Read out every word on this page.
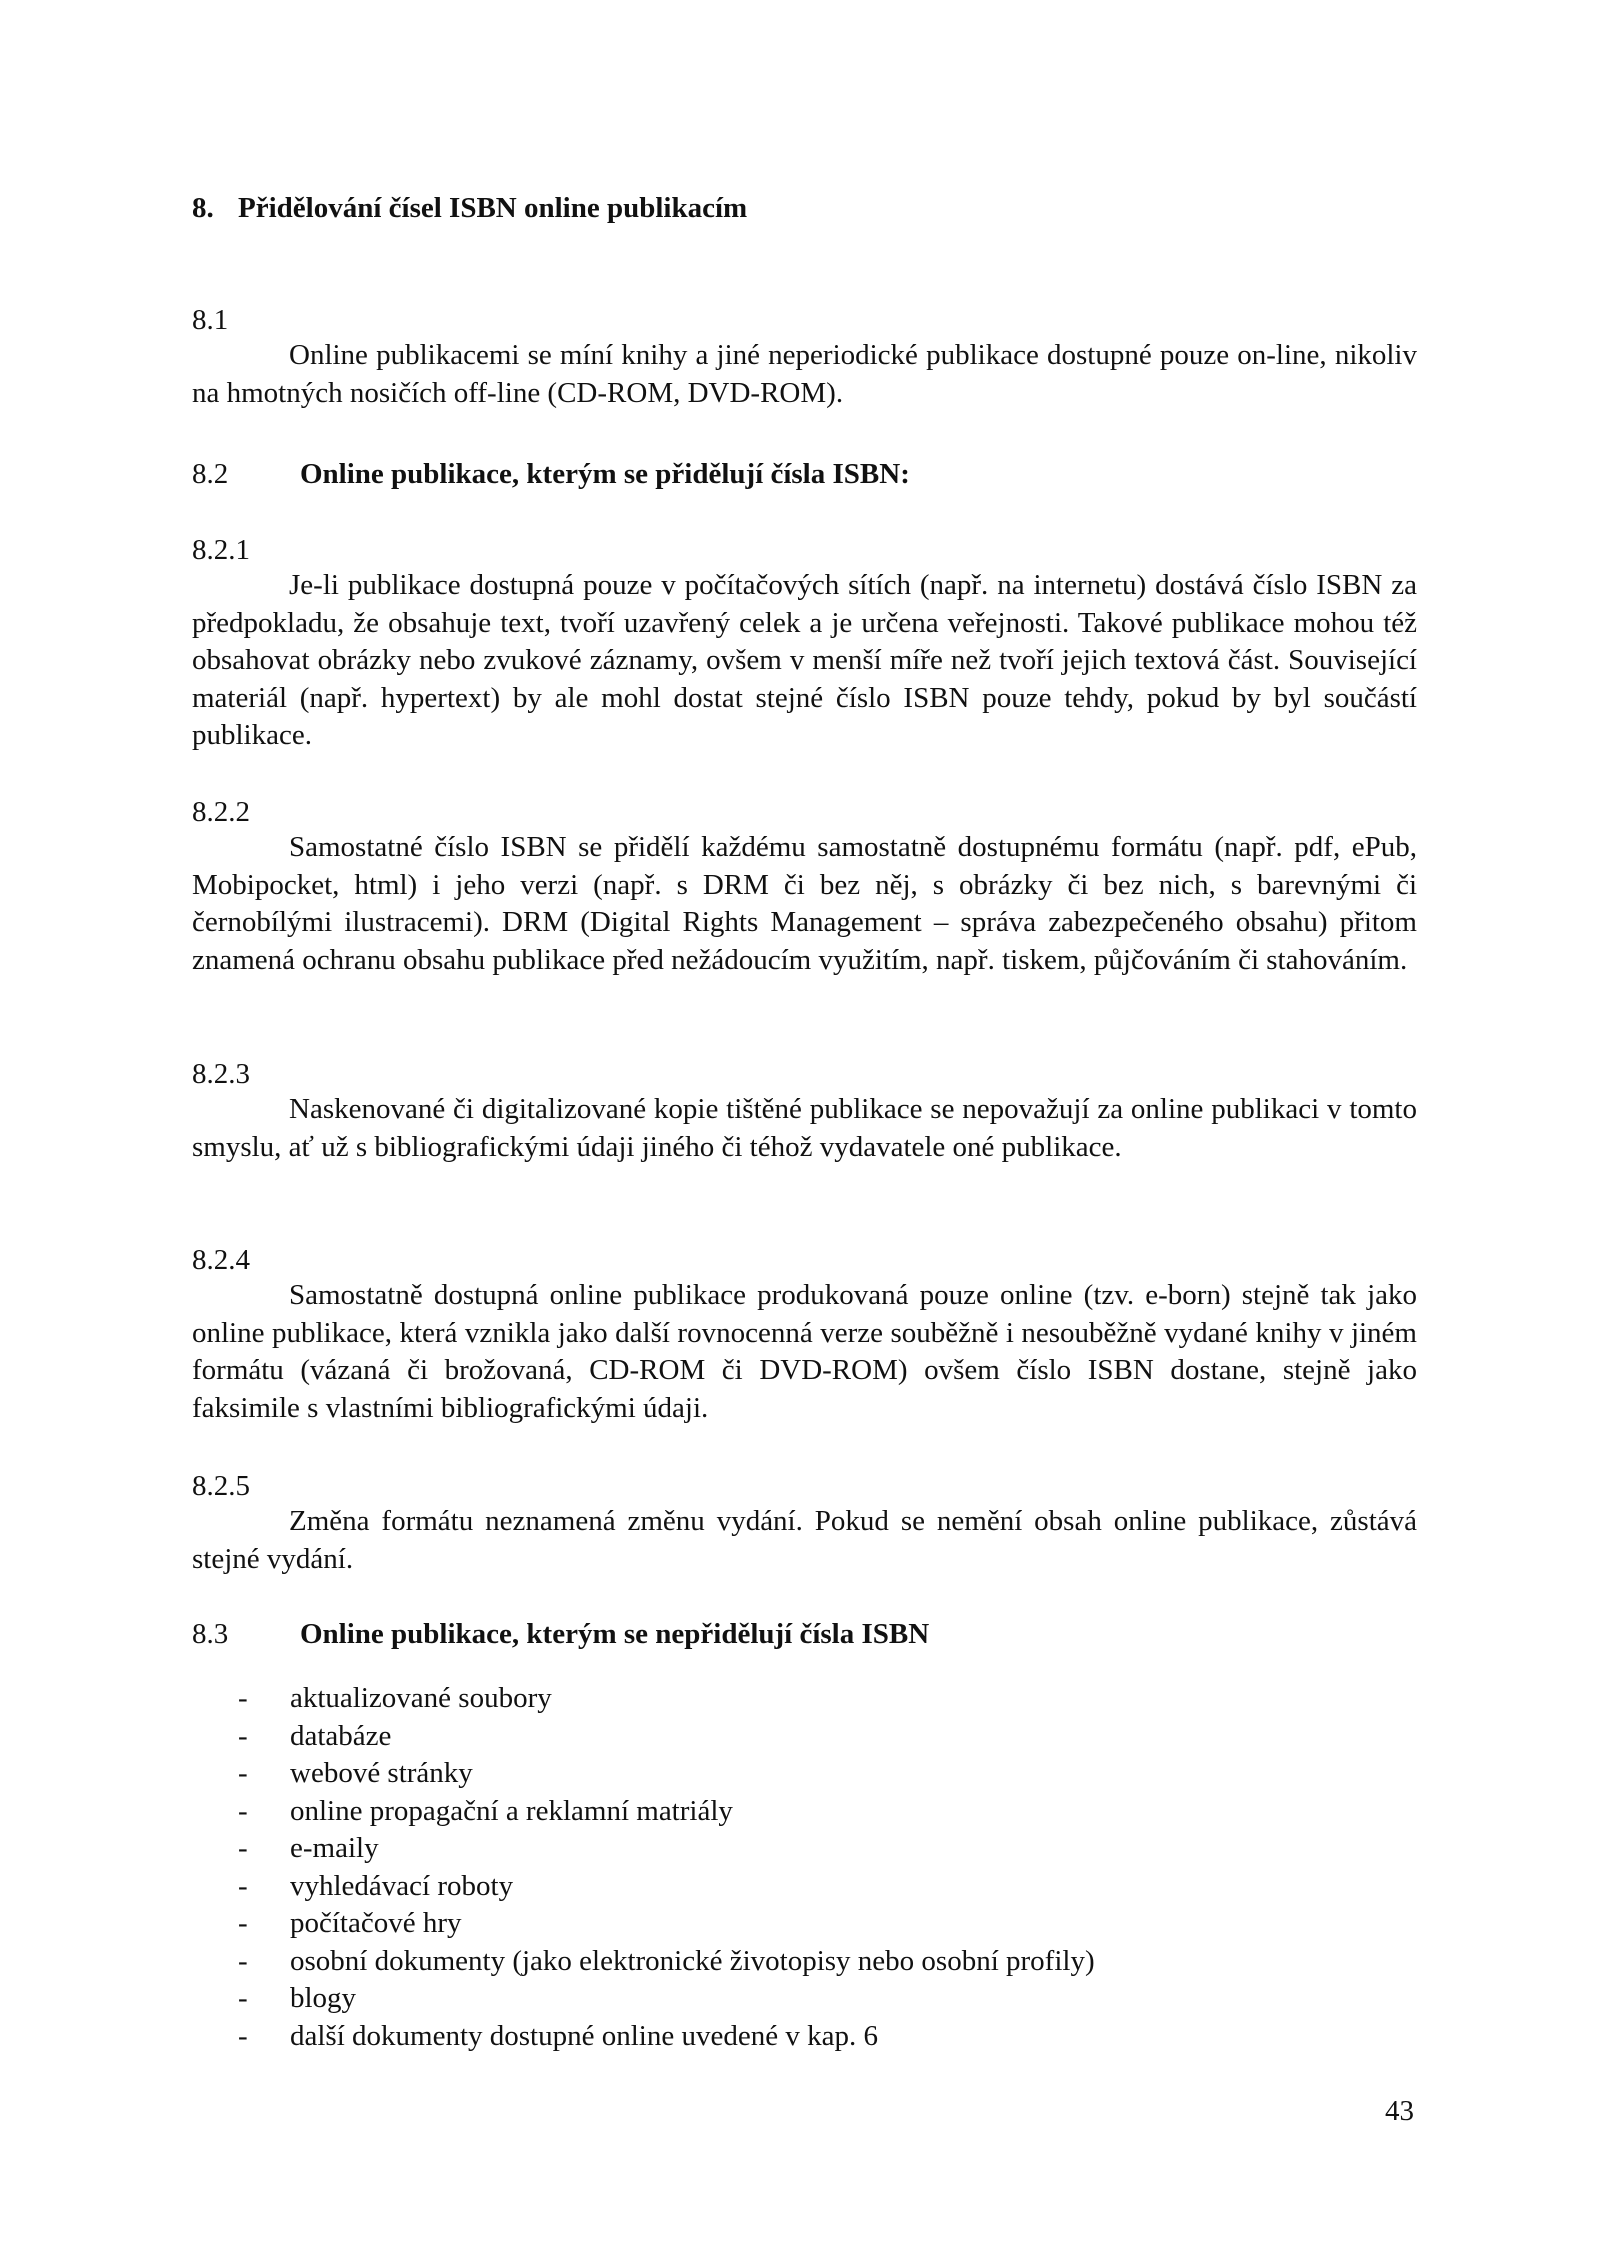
8. Přidělování čísel ISBN online publikacím
8.1

Online publikacemi se míní knihy a jiné neperiodické publikace dostupné pouze on-line, nikoliv na hmotných nosičích off-line (CD-ROM, DVD-ROM).

8.2 Online publikace, kterým se přidělují čísla ISBN:
8.2.1

Je-li publikace dostupná pouze v počítačových sítích (např. na internetu) dostává číslo ISBN za předpokladu, že obsahuje text, tvoří uzavřený celek a je určena veřejnosti. Takové publikace mohou též obsahovat obrázky nebo zvukové záznamy, ovšem v menší míře než tvoří jejich textová část. Související materiál (např. hypertext) by ale mohl dostat stejné číslo ISBN pouze tehdy, pokud by byl součástí publikace.

8.2.2

Samostatné číslo ISBN se přidělí každému samostatně dostupnému formátu (např. pdf, ePub, Mobipocket, html) i jeho verzi (např. s DRM či bez něj, s obrázky či bez nich, s barevnými či černobílými ilustracemi). DRM (Digital Rights Management – správa zabezpečeného obsahu) přitom znamená ochranu obsahu publikace před nežádoucím využitím, např. tiskem, půjčováním či stahováním.

8.2.3

Naskenované či digitalizované kopie tištěné publikace se nepovažují za online publikaci v tomto smyslu, ať už s bibliografickými údaji jiného či téhož vydavatele oné publikace.

8.2.4

Samostatně dostupná online publikace produkovaná pouze online (tzv. e-born) stejně tak jako online publikace, která vznikla jako další rovnocenná verze souběžně i nesouběžně vydané knihy v jiném formátu (vázaná či brožovaná, CD-ROM či DVD-ROM) ovšem číslo ISBN dostane, stejně jako faksimile s vlastními bibliografickými údaji.

8.2.5

Změna formátu neznamená změnu vydání. Pokud se nemění obsah online publikace, zůstává stejné vydání.

8.3 Online publikace, kterým se nepřidělují čísla ISBN
- aktualizované soubory
- databáze
- webové stránky
- online propagační a reklamní matriály
- e-maily
- vyhledávací roboty
- počítačové hry
- osobní dokumenty (jako elektronické životopisy nebo osobní profily)
- blogy
- další dokumenty dostupné online uvedené v kap. 6
43
